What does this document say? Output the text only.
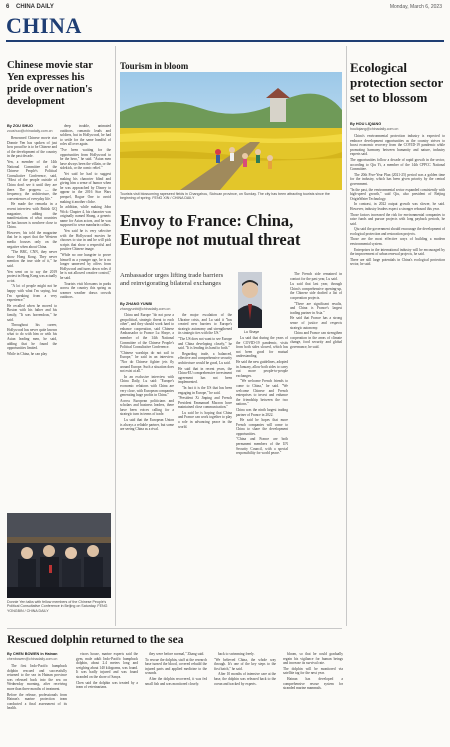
6 CHINA DAILY	Monday, March 6, 2023
CHINA
Chinese movie star Yen expresses his pride over nation's development
By ZOU SHUO
zoushuo@chinadaily.com.cn

Renowned Chinese movie star Donnie Yen has spoken of just how proud he is to be Chinese and of the development of the country in the past decade.

Yen, a member of the 14th National Committee of the Chinese People's Political Consultative Conference, said, "Most of the people outside of China don't see it until they are there. The progress — the frequency, the architecture, the conveniences of everyday life."

He made the remarks in a recent interview with British GQ magazine, adding the manifestations of what countries he has known is nowhere close to China.

However, his told the magazine that he is upset that the Western media focuses only on the negative when about China.

"The BBC, CNN, they never show Hong Kong. They never mention the true side of it," he said.

Yen went on to say the 2019 protest in Hong Kong was actually a riot.

"A lot of people might not be happy with what I'm saying, but I'm speaking from a very experience."

He recalled when he moved to Boston with his father and his family, "It was horrendous," he said.

Throughout his career, Hollywood has never quite known what to do with him or with his Asian leading men, he said, adding that he found the opportunities limited.

While in China, he can play

deep trouble, animated outdoors, romantic leads and soldiers, but in Hollywood, he had to settle for the same handful of roles all over again.

"I've been waiting for the opportunities from Hollywood to be the hero," he said. "Asian men have always been the villain, or the sidekick, or the comic relief."

Yet said he had to suggest making his character blind and giving him a sense of humor when he was approached by Disney to appear in the 2016 Star Wars prequel, Rogue One to avoid making it another cliche.

In addition, while making John Wick: Chapter 4, his character was originally named Shang, a generic name for Asian actors, and he was supposed to wear mandarin collars.

Yen said he is very selective with the Hollywood movies he chooses to star in and he will pick scripts that show a respectful and positive Chinese image.

"While no one hungrier to prove himself as a younger age, he is no longer unnerved by offers from Hollywood and turns down roles if he is not allowed creative control," he said.

Tourists visit blossoms in parks across the country this spring as warmer weather draws crowds outdoors.

Donnie Yen talks with fellow members of the Chinese People's Political Consultative Conference in Beijing on Saturday. FENG YONGBIN / CHINA DAILY
Tourism in bloom
Tourists visit blossoming rapeseed fields in Changzhou, Sichuan province, on Sunday. The city has been attracting tourists since the beginning of spring. FENG XIN / CHINA DAILY
Envoy to France: China, Europe not mutual threat
Ambassador urges lifting trade barriers and reinvigorating bilateral exchanges
By ZHANG YUNBI
zhangyunbi@chinadaily.com.cn
Lu Shaye

China and Europe "do not pose a geopolitical, strategic threat to each other", and they should work hard to enhance cooperation, said Chinese Ambassador to France Lu Shaye, a member of the 14th National Committee of the Chinese People's Political Consultative Conference.

"Chinese warships do not sail to Europe," he said in an interview. "Nor do Chinese fighter jets fly around Europe. Such a situation does not exist at all."

In an exclusive interview with China Daily, Lu said: "Europe's economic relations with China are very close, with European companies generating huge profits in China."

Across European politicians and scholars and business leaders, there have been voices calling for a strategic turn in terms of trade.

Lu said that the European Union is always a reliable partner, but some are seeing China as a rival.

the major escalation of the Ukraine crisis, and Lu said it "has created new barriers to Europe's strategic autonomy and strengthened its strategic ties with the US."

"The US does not want to see Europe and China developing closely," he said. "It is lending its hand to both."

Regarding trade, a balanced, effective and comprehensive security architecture would be good, Lu said.

He said that in recent years, the China-EU comprehensive investment agreement has not been implemented.

"In fact it is the US that has been engaging in Europe," he said.

"President Xi Jinping and French President Emmanuel Macron have maintained close communication."

Lu said he is hoping that China and France can work together to play a role in advancing peace in the world.

Lu said that during the years of the COVID-19 pandemic, visits from both sides slowed, which has not been good for mutual understanding.

He said the new guidelines, adopted in January, allow both sides to carry out more people-to-people exchanges.

"We welcome French friends to come to China," he said. "We welcome Chinese and French enterprises to invest and enhance the friendship between the two nations."

China was the ninth largest trading partner of France in 2022.

He said he hopes that more French companies will come to China to share the development opportunities.

"China and France are both permanent members of the UN Security Council, with a special responsibility for world peace."

The French side remained in contact for the past year, Lu said.

Lu said that last year, through China's comprehensive opening-up, the Chinese side drafted a list of cooperation projects.

"There are significant results, and China is France's largest trading partner in Asia."

He said that France has a strong sense of justice and respects strategic autonomy.

China and France can strengthen cooperation in the areas of climate change, food security and global governance, he said.

Ecological protection sector set to blossom
By HOU LIQIANG
houliqiang@chinadaily.com.cn

China's environmental protection industry is expected to embrace development opportunities as the country strives to boost economic recovery from the COVID-19 pandemic while promoting harmony between humanity and nature, industry experts said.

The opportunities follow a decade of rapid growth in the sector, according to Qiu Yi, a member of the 14th CPPCC National Committee.

The 20th Five-Year Plan (2021-25) period was a golden time for the industry, which has been given priority by the central government.

"In the past, the environmental sector expanded consistently with high-speed growth," said Qiu, also president of Beijing OriginWater Technology.

In contrast, in 2022 output growth was slower, he said. However, industry leaders expect a stronger rebound this year.

Those factors increased the risk for environmental companies to raise funds and pursue projects with long payback periods, he said.

Qiu said the government should encourage the development of ecological protection and restoration projects.

Those are the most effective ways of building a modern environmental system.

Enterprises in the international industry will be encouraged by the improvement of urban renewal projects, he said.

There are still large potentials in China's ecological protection sector, he said.

Rescued dolphin returned to the sea
By CHEN BOWEN in Hainan
chenbowen@chinadaily.com.cn

The first Indo-Pacific humpback dolphin rescued and successfully returned to the sea in Hainan province was released back into the sea on Wednesday morning, after receiving more than three months of treatment.

Before the release, professionals from Hainan's marine protection team conducted a final assessment of its health.

visors house, marine experts said the gym, male adult Indo-Pacific humpback dolphin, about 2.4 meters long and weighing about 140 kilograms, was found. It was badly injured and was found stranded on the shore of Sanya.

Chen said the dolphin was treated by a team of veterinarians.

they were before normal," Zhang said.

To rescue the dolphin, staff at the research base turned the blood, covered rebuild the injured parts and applied medicine to the wounds.

After the dolphin recovered, it was fed small fish and was monitored closely.

back to swimming freely.

"We believed China, the whole way through. It's one of the key steps to the first batch," he said.

After 10 months of intensive care at the base, the dolphin was released back to the ocean and tracked by experts.

bloom, so that he could gradually regain his vigilance for human beings and increase its survival rate.

The dolphin will be monitored via satellite tag for the next year.

Hainan has developed a comprehensive rescue system for stranded marine mammals.
